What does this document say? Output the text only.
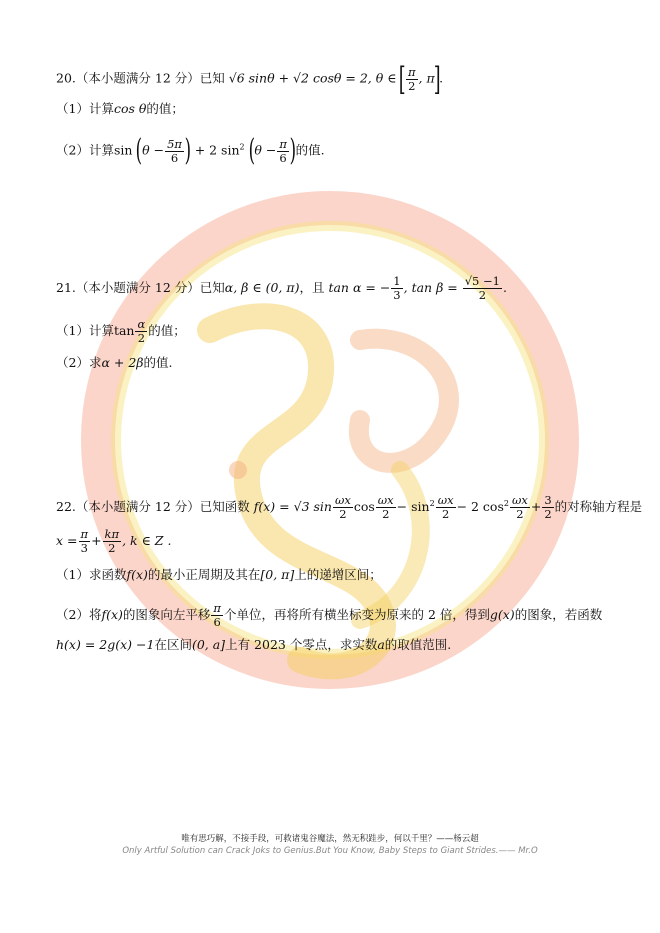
20.（本小题满分 12 分）已知 √6 sinθ + √2 cosθ = 2, θ ∈ [ $\frac{\pi}{2}$ , π].
（1）计算cos θ的值；
（2）计算$\sin (\theta - \frac{5\pi}{6}$ ) + 2 $\sin^2 (\theta - \frac{\pi}{6}$ )的值.
21.（本小题满分 12 分）已知α, β ∈ (0, π)，且 tan α = − $\frac{1}{3}$ , $\tan \beta = \frac{√5 -1}{2}$ .
（1）计算$\tan \frac{\alpha}{2}$ 的值；
（2）求α + 2β的值.
22.（本小题满分 12 分）已知函数 f(x) = √3 $\sin \frac{\omega x}{2}$ $\cos \frac{\omega x}{2} - \sin^2 \frac{\omega x}{2} - 2$ $\cos^2 \frac{\omega x}{2} + \frac{3}{2}$ 的对称轴方程是
$x = \frac{\pi}{3} + \frac{k\pi}{2}$ , k ∈ Z .
（1）求函数f(x)的最小正周期及其在[0, π]上的递增区间；
（2）将f(x)的图象向左平移 $\frac{\pi}{6}$ 个单位，再将所有横坐标变为原来的 2 倍，得到g(x)的图象，若函数
h(x) = 2g(x) −1在区间(0, a]上有 2023 个零点，求实数a的取值范围.
唯有思巧解，不接手段，可救诸鬼谷魔法，然无积跬步，何以千里？——杨云超
Only Artful Solution can Crack Joks to Genius.But You Know, Baby Steps to Giant Strides.—— Mr.O
